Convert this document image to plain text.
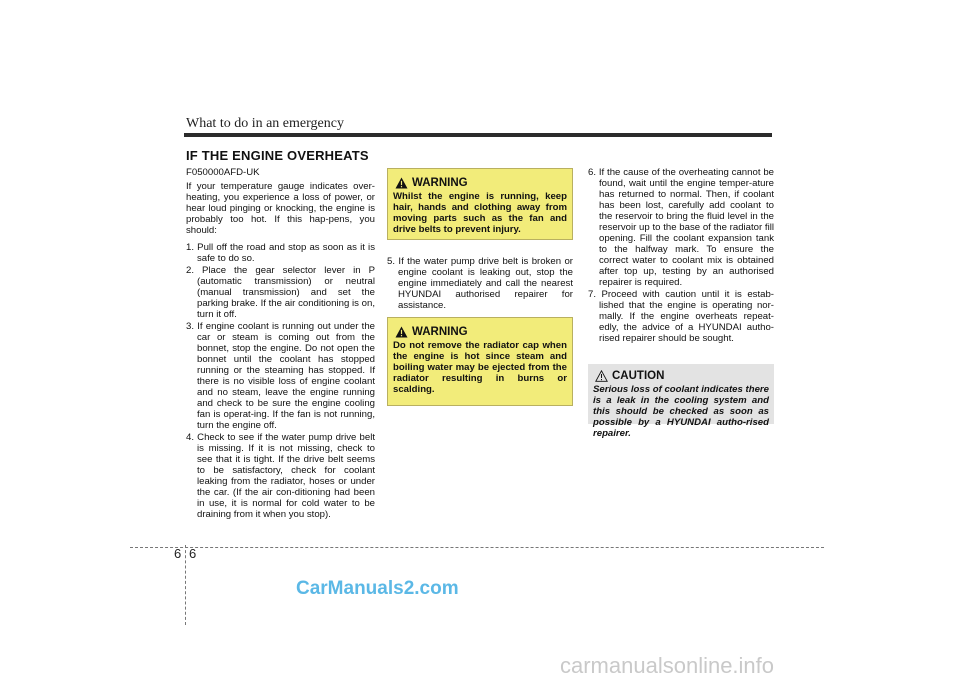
What to do in an emergency
IF THE ENGINE OVERHEATS

F050000AFD-UK

If your temperature gauge indicates over-heating, you experience a loss of power, or hear loud pinging or knocking, the engine is probably too hot. If this hap-pens, you should:

1. Pull off the road and stop as soon as it is safe to do so.
2. Place the gear selector lever in P (automatic transmission) or neutral (manual transmission) and set the parking brake. If the air conditioning is on, turn it off.
3. If engine coolant is running out under the car or steam is coming out from the bonnet, stop the engine. Do not open the bonnet until the coolant has stopped running or the steaming has stopped. If there is no visible loss of engine coolant and no steam, leave the engine running and check to be sure the engine cooling fan is operat-ing. If the fan is not running, turn the engine off.
4. Check to see if the water pump drive belt is missing. If it is not missing, check to see that it is tight. If the drive belt seems to be satisfactory, check for coolant leaking from the radiator, hoses or under the car. (If the air con-ditioning had been in use, it is normal for cold water to be draining from it when you stop).
WARNING
Whilst the engine is running, keep hair, hands and clothing away from moving parts such as the fan and drive belts to prevent injury.
5. If the water pump drive belt is broken or engine coolant is leaking out, stop the engine immediately and call the nearest HYUNDAI authorised repairer for assistance.
WARNING
Do not remove the radiator cap when the engine is hot since steam and boiling water may be ejected from the radiator resulting in burns or scalding.
6. If the cause of the overheating cannot be found, wait until the engine temper-ature has returned to normal. Then, if coolant has been lost, carefully add coolant to the reservoir to bring the fluid level in the reservoir up to the base of the radiator fill opening. Fill the coolant expansion tank to the halfway mark. To ensure the correct water to coolant mix is obtained after top up, testing by an authorised repairer is required.
7. Proceed with caution until it is estab-lished that the engine is operating nor-mally. If the engine overheats repeat-edly, the advice of a HYUNDAI autho-rised repairer should be sought.
CAUTION
Serious loss of coolant indicates there is a leak in the cooling system and this should be checked as soon as possible by a HYUNDAI autho-rised repairer.
6 6
CarManuals2.com
carmanualsonline.info
